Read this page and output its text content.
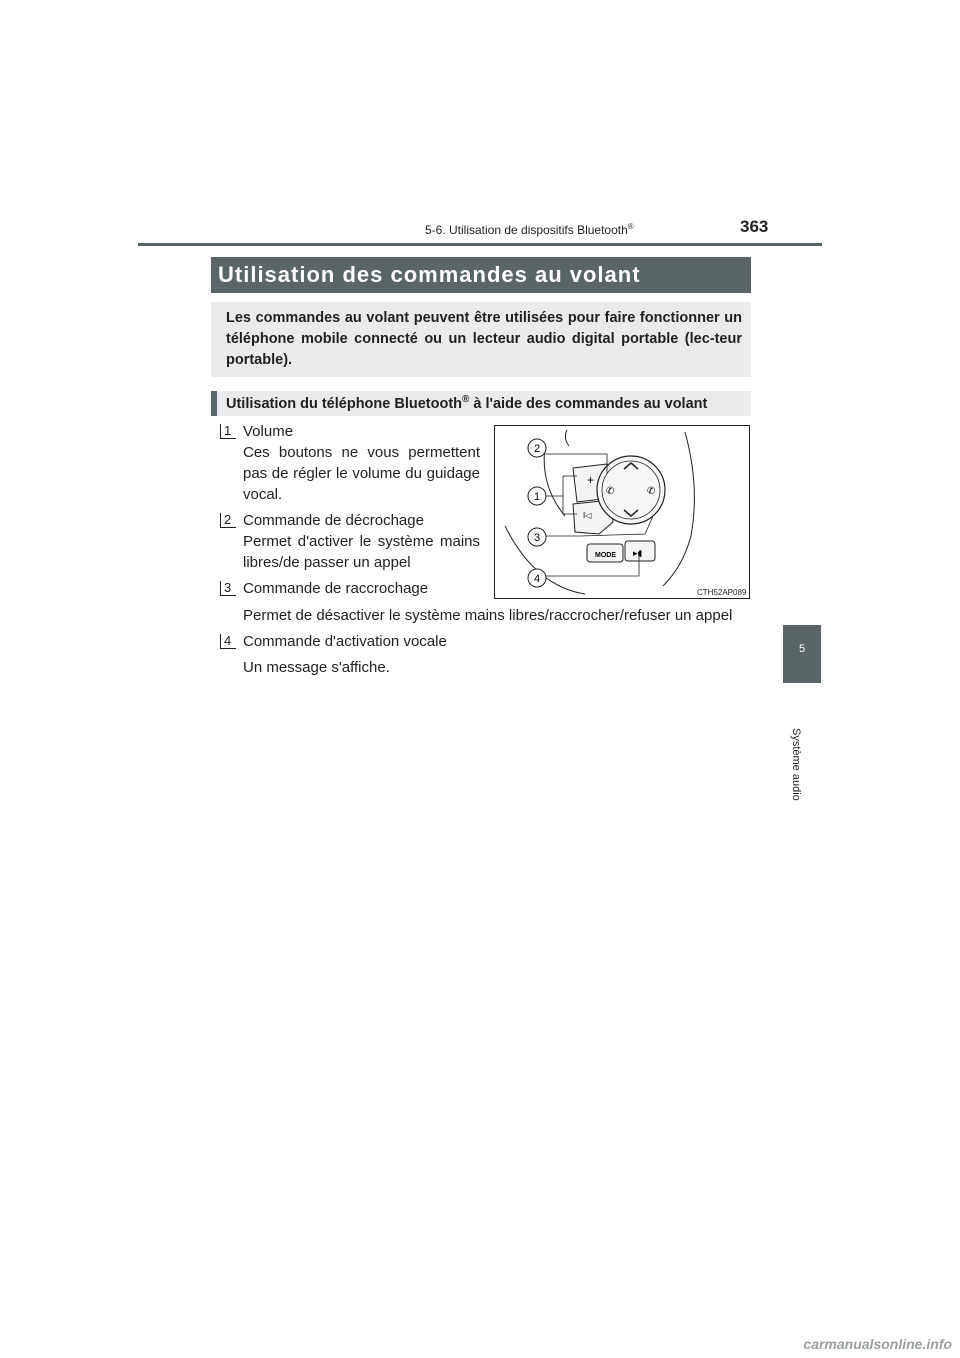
5-6. Utilisation de dispositifs Bluetooth®	363
5
Système audio
Utilisation des commandes au volant
Les commandes au volant peuvent être utilisées pour faire fonctionner un téléphone mobile connecté ou un lecteur audio digital portable (lec-teur portable).
Utilisation du téléphone Bluetooth® à l'aide des commandes au volant
1 Volume
Ces boutons ne vous permettent pas de régler le volume du guidage vocal.
2 Commande de décrochage
Permet d'activer le système mains libres/de passer un appel
3 Commande de raccrochage
Permet de désactiver le système mains libres/raccrocher/refuser un appel
4 Commande d'activation vocale
Un message s'affiche.
+
I◁
✆	✆
MODE ▸◖
2
1
3
4
CTH52AP089
carmanualsonline.info
